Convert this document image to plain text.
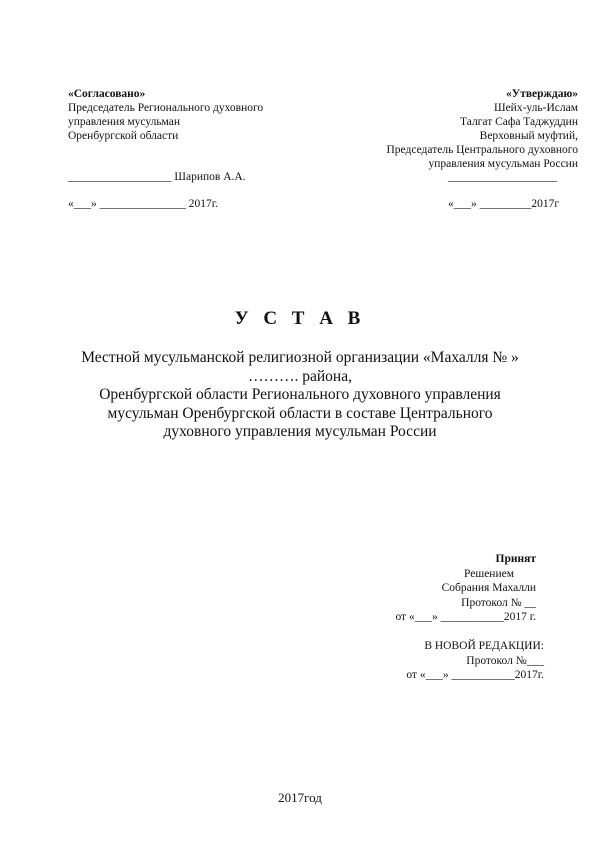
«Согласовано»
Председатель Регионального духовного
управления мусульман
Оренбургской области
«Утверждаю»
Шейх-уль-Ислам
Талгат Сафа Таджуддин
Верховный муфтий,
Председатель Центрального духовного
управления мусульман России
__________________ Шарипов А.А.	___________________
«___» _______________ 2017г.	«___» _________2017г
У С Т А В
Местной мусульманской религиозной организации «Махалля № »
………. района,
Оренбургской области Регионального духовного управления
мусульман Оренбургской области в составе Центрального
духовного управления мусульман России
Принят
Решением
Собрания Махалли
Протокол № __
от «___» ___________2017 г.
В НОВОЙ РЕДАКЦИИ:
Протокол №___
от «___» ___________2017г.
2017год
